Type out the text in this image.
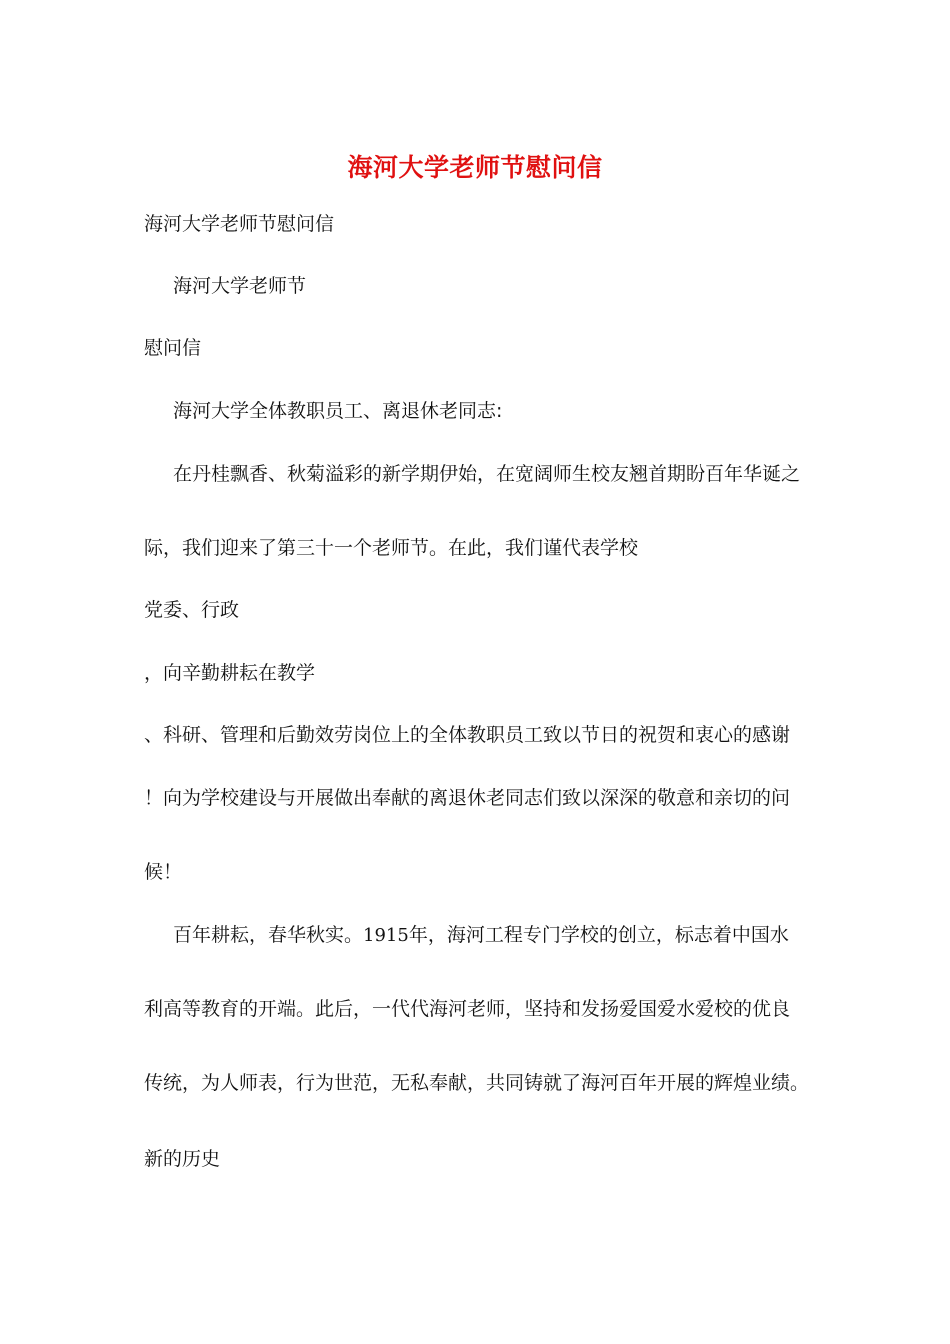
海河大学老师节慰问信

海河大学老师节慰问信

海河大学老师节

慰问信

海河大学全体教职员工、离退休老同志:

在丹桂飘香、秋菊溢彩的新学期伊始，在宽阔师生校友翘首期盼百年华诞之

际，我们迎来了第三十一个老师节。在此，我们谨代表学校

党委、行政

，向辛勤耕耘在教学

、科研、管理和后勤效劳岗位上的全体教职员工致以节日的祝贺和衷心的感谢

！向为学校建设与开展做出奉献的离退休老同志们致以深深的敬意和亲切的问

候！

百年耕耘，春华秋实。1915年，海河工程专门学校的创立，标志着中国水

利高等教育的开端。此后，一代代海河老师，坚持和发扬爱国爱水爱校的优良

传统，为人师表，行为世范，无私奉献，共同铸就了海河百年开展的辉煌业绩。

新的历史
